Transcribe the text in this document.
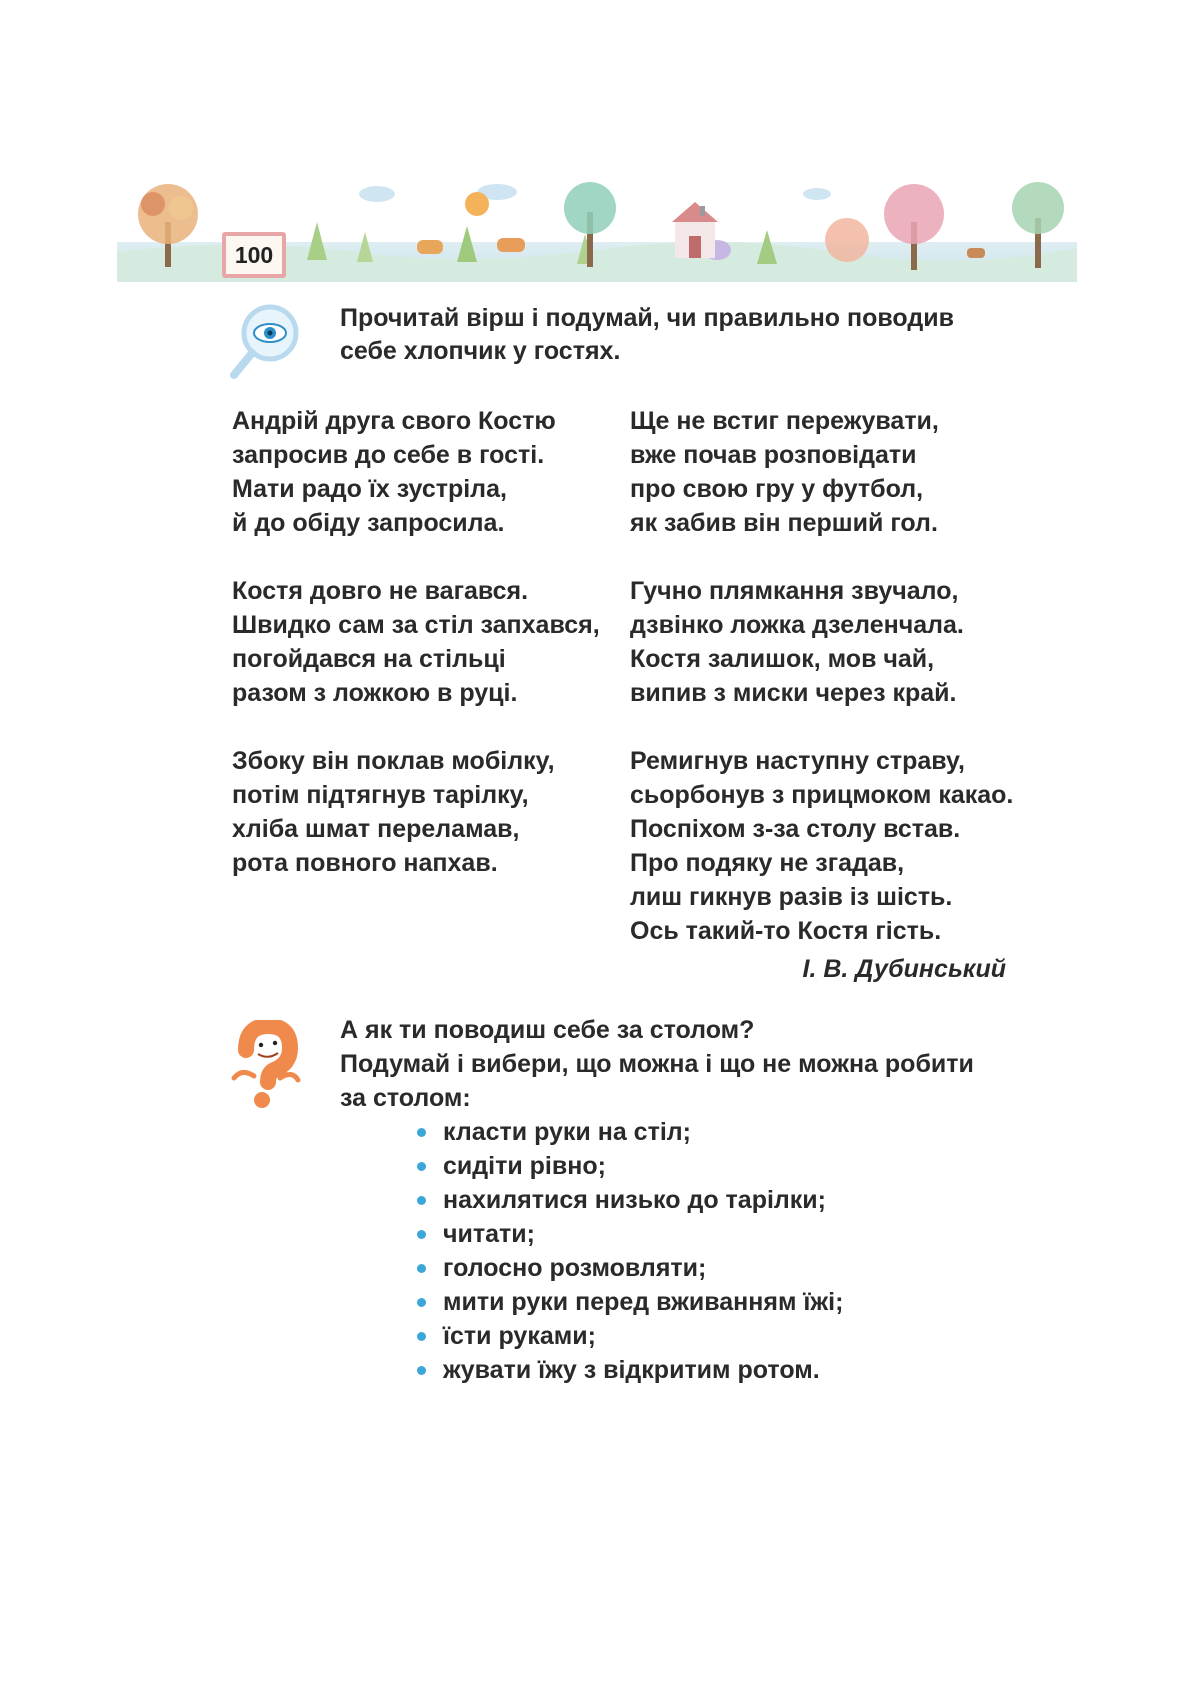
100
Прочитай вірш і подумай, чи правильно поводив
себе хлопчик у гостях.
Андрій друга свого Костю
запросив до себе в гості.
Мати радо їх зустріла,
й до обіду запросила.
Костя довго не вагався.
Швидко сам за стіл запхався,
погойдався на стільці
разом з ложкою в руці.
Збоку він поклав мобілку,
потім підтягнув тарілку,
хліба шмат переламав,
рота повного напхав.
Ще не встиг пережувати,
вже почав розповідати
про свою гру у футбол,
як забив він перший гол.
Гучно плямкання звучало,
дзвінко ложка дзеленчала.
Костя залишок, мов чай,
випив з миски через край.
Ремигнув наступну страву,
сьорбонув з прицмоком какао.
Поспіхом з-за столу встав.
Про подяку не згадав,
лиш гикнув разів із шість.
Ось такий-то Костя гість.
І. В. Дубинський
А як ти поводиш себе за столом?
Подумай і вибери, що можна і що не можна робити
за столом:
класти руки на стіл;
сидіти рівно;
нахилятися низько до тарілки;
читати;
голосно розмовляти;
мити руки перед вживанням їжі;
їсти руками;
жувати їжу з відкритим ротом.
